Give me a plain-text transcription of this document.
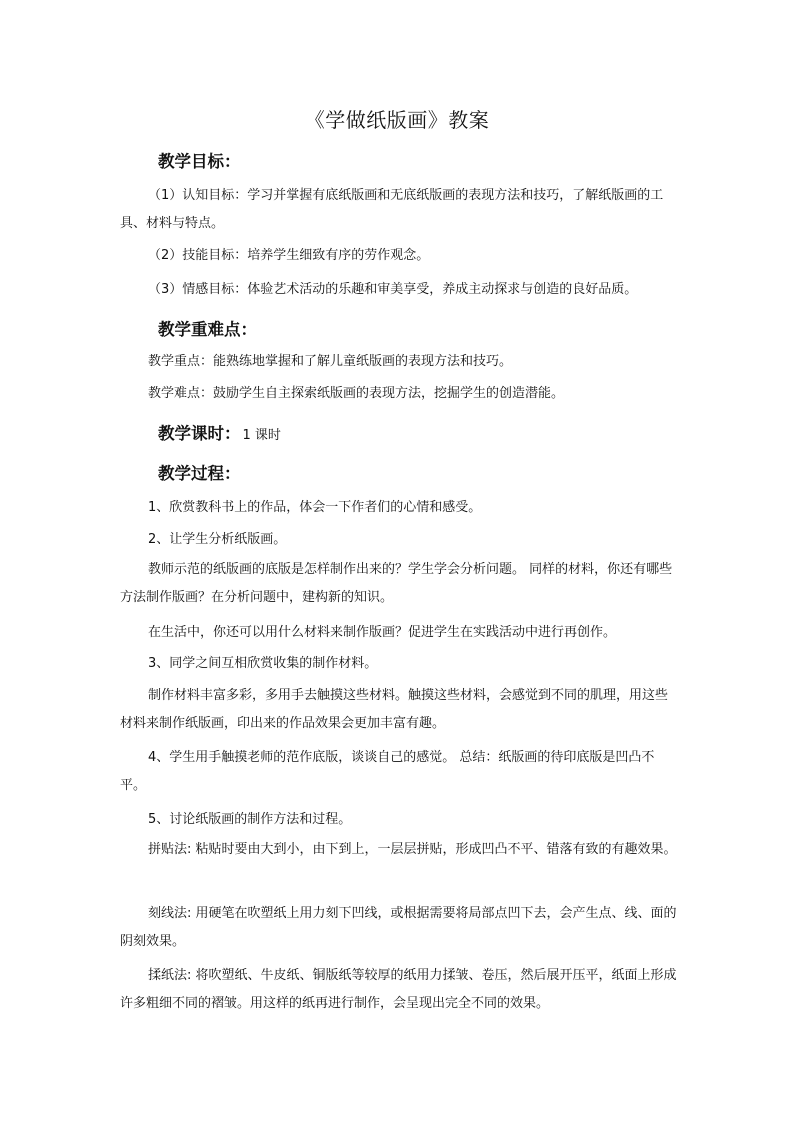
《学做纸版画》教案
教学目标：

（1）认知目标：学习并掌握有底纸版画和无底纸版画的表现方法和技巧，了解纸版画的工具、材料与特点。

（2）技能目标：培养学生细致有序的劳作观念。

（3）情感目标：体验艺术活动的乐趣和审美享受，养成主动探求与创造的良好品质。

教学重难点：

教学重点：能熟练地掌握和了解儿童纸版画的表现方法和技巧。

教学难点：鼓励学生自主探索纸版画的表现方法，挖掘学生的创造潜能。

教学课时： 1 课时
教学过程：

1、欣赏教科书上的作品，体会一下作者们的心情和感受。

2、让学生分析纸版画。

教师示范的纸版画的底版是怎样制作出来的？学生学会分析问题。 同样的材料，你还有哪些方法制作版画？在分析问题中，建构新的知识。

在生活中，你还可以用什么材料来制作版画？促进学生在实践活动中进行再创作。

3、同学之间互相欣赏收集的制作材料。

制作材料丰富多彩，多用手去触摸这些材料。触摸这些材料，会感觉到不同的肌理，用这些材料来制作纸版画，印出来的作品效果会更加丰富有趣。

4、学生用手触摸老师的范作底版，谈谈自己的感觉。 总结：纸版画的待印底版是凹凸不平。

5、讨论纸版画的制作方法和过程。

拼贴法: 粘贴时要由大到小，由下到上，一层层拼贴，形成凹凸不平、错落有致的有趣效果。

刻线法: 用硬笔在吹塑纸上用力刻下凹线，或根据需要将局部点凹下去，会产生点、线、面的阴刻效果。

揉纸法: 将吹塑纸、牛皮纸、铜版纸等较厚的纸用力揉皱、卷压，然后展开压平，纸面上形成许多粗细不同的褶皱。用这样的纸再进行制作，会呈现出完全不同的效果。
